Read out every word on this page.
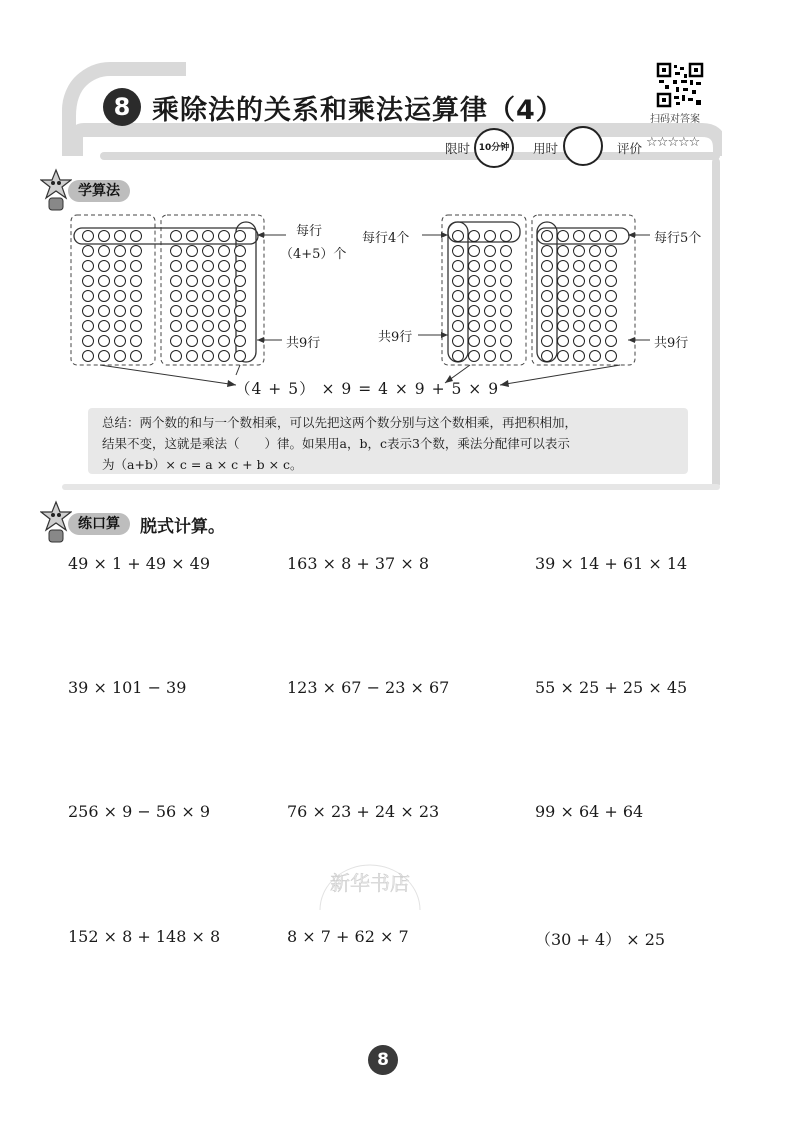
8 乘除法的关系和乘法运算律（4）	扫码对答案
限时 10分钟	用时	评价 ☆☆☆☆☆
学算法
每行
（4+5）个
共9行
每行4个	每行5个
共9行	共9行
（4 + 5） × 9 = 4 × 9 + 5 × 9
总结：两个数的和与一个数相乘，可以先把这两个数分别与这个数相乘，再把积相加，
结果不变，这就是乘法（　　）律。如果用a，b，c表示3个数，乘法分配律可以表示
为（a+b）× c = a × c + b × c。
练口算	脱式计算。
49 × 1 + 49 × 49	163 × 8 + 37 × 8	39 × 14 + 61 × 14
39 × 101 − 39	123 × 67 − 23 × 67	55 × 25 + 25 × 45
256 × 9 − 56 × 9	76 × 23 + 24 × 23	99 × 64 + 64
152 × 8 + 148 × 8	8 × 7 + 62 × 7	（30 + 4） × 25
新华书店
8
